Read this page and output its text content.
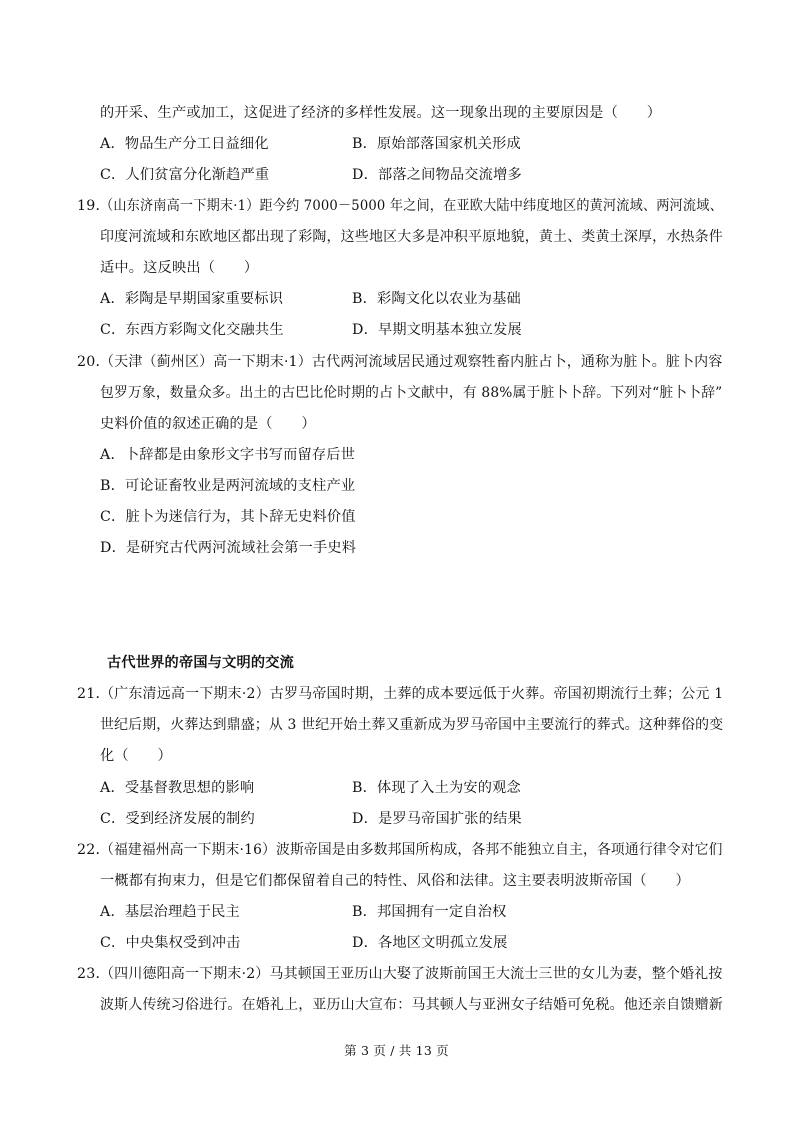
的开采、生产或加工，这促进了经济的多样性发展。这一现象出现的主要原因是（　　）
A．物品生产分工日益细化	B．原始部落国家机关形成
C．人们贫富分化渐趋严重	D．部落之间物品交流增多
19．
（山东济南高一下期末·1）距今约 7000－5000 年之间，在亚欧大陆中纬度地区的黄河流域、两河流域、
印度河流域和东欧地区都出现了彩陶，这些地区大多是冲积平原地貌，黄土、类黄土深厚，水热条件
适中。这反映出（　　）
A．彩陶是早期国家重要标识	B．彩陶文化以农业为基础
C．东西方彩陶文化交融共生	D．早期文明基本独立发展
20．
（天津（蓟州区）高一下期末·1）古代两河流域居民通过观察牲畜内脏占卜，通称为脏卜。脏卜内容
包罗万象，数量众多。出土的古巴比伦时期的占卜文献中，有 88%属于脏卜卜辞。下列对“脏卜卜辞”
史料价值的叙述正确的是（　　）
A．卜辞都是由象形文字书写而留存后世
B．可论证畜牧业是两河流域的支柱产业
C．脏卜为迷信行为，其卜辞无史料价值
D．是研究古代两河流域社会第一手史料
古代世界的帝国与文明的交流
21．
（广东清远高一下期末·2）古罗马帝国时期，土葬的成本要远低于火葬。帝国初期流行土葬；公元 1
世纪后期，火葬达到鼎盛；从 3 世纪开始土葬又重新成为罗马帝国中主要流行的葬式。这种葬俗的变
化（　　）
A．受基督教思想的影响	B．体现了入土为安的观念
C．受到经济发展的制约	D．是罗马帝国扩张的结果
22．
（福建福州高一下期末·16）波斯帝国是由多数邦国所构成，各邦不能独立自主，各项通行律令对它们
一概都有拘束力，但是它们都保留着自己的特性、风俗和法律。这主要表明波斯帝国（　　）
A．基层治理趋于民主	B．邦国拥有一定自治权
C．中央集权受到冲击	D．各地区文明孤立发展
23．
（四川德阳高一下期末·2）马其顿国王亚历山大娶了波斯前国王大流士三世的女儿为妻，整个婚礼按
波斯人传统习俗进行。在婚礼上，亚历山大宣布：马其顿人与亚洲女子结婚可免税。他还亲自馈赠新
第 3 页 / 共 13 页
